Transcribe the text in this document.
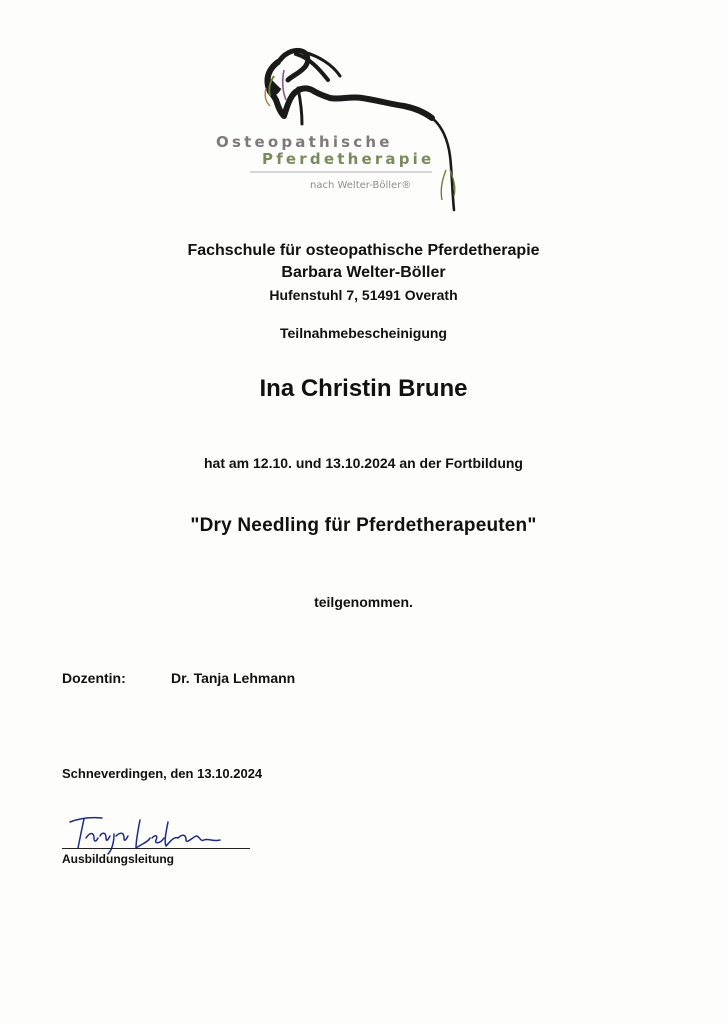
Osteopathische
Pferdetherapie
nach Welter-Böller®
Fachschule für osteopathische Pferdetherapie
Barbara Welter-Böller
Hufenstuhl 7, 51491 Overath
Teilnahmebescheinigung
Ina Christin Brune
hat am 12.10. und 13.10.2024 an der Fortbildung
"Dry Needling für Pferdetherapeuten"
teilgenommen.
Dozentin:	Dr. Tanja Lehmann
Schneverdingen, den 13.10.2024
Ausbildungsleitung
